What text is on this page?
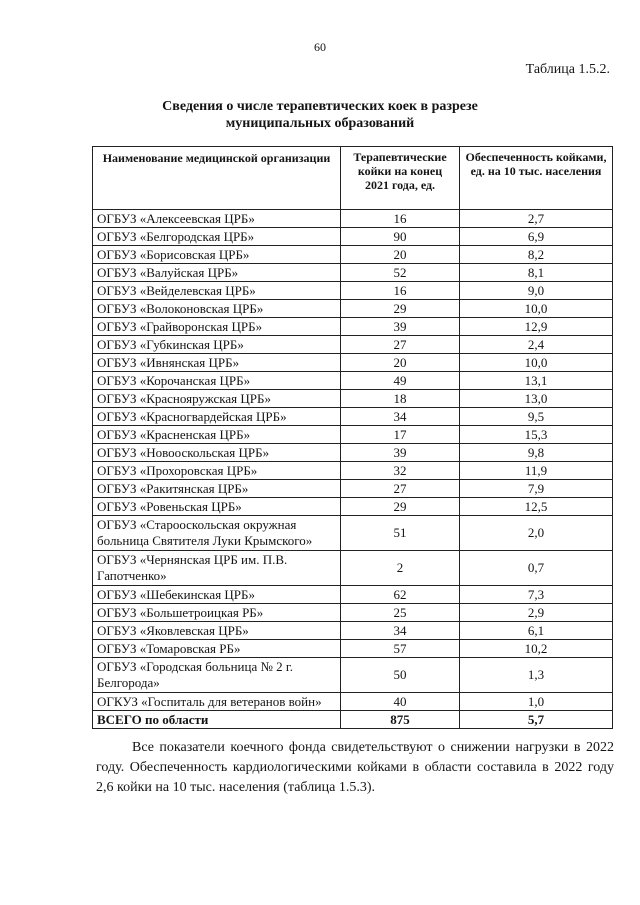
60
Таблица 1.5.2.
Сведения о числе терапевтических коек в разрезе муниципальных образований
Наименование медицинской организации	Терапевтические койки на конец 2021 года, ед.	Обеспеченность койками, ед. на 10 тыс. населения
ОГБУЗ «Алексеевская ЦРБ»	16	2,7
ОГБУЗ «Белгородская ЦРБ»	90	6,9
ОГБУЗ «Борисовская ЦРБ»	20	8,2
ОГБУЗ «Валуйская ЦРБ»	52	8,1
ОГБУЗ «Вейделевская ЦРБ»	16	9,0
ОГБУЗ «Волоконовская ЦРБ»	29	10,0
ОГБУЗ «Грайворонская ЦРБ»	39	12,9
ОГБУЗ «Губкинская ЦРБ»	27	2,4
ОГБУЗ «Ивнянская ЦРБ»	20	10,0
ОГБУЗ «Корочанская ЦРБ»	49	13,1
ОГБУЗ «Краснояружская ЦРБ»	18	13,0
ОГБУЗ «Красногвардейская ЦРБ»	34	9,5
ОГБУЗ «Красненская ЦРБ»	17	15,3
ОГБУЗ «Новооскольская ЦРБ»	39	9,8
ОГБУЗ «Прохоровская ЦРБ»	32	11,9
ОГБУЗ «Ракитянская ЦРБ»	27	7,9
ОГБУЗ «Ровеньская ЦРБ»	29	12,5
ОГБУЗ «Старооскольская окружная больница Святителя Луки Крымского»	51	2,0
ОГБУЗ «Чернянская ЦРБ им. П.В. Гапотченко»	2	0,7
ОГБУЗ «Шебекинская ЦРБ»	62	7,3
ОГБУЗ «Большетроицкая РБ»	25	2,9
ОГБУЗ «Яковлевская ЦРБ»	34	6,1
ОГБУЗ «Томаровская РБ»	57	10,2
ОГБУЗ «Городская больница № 2 г. Белгорода»	50	1,3
ОГКУЗ «Госпиталь для ветеранов войн»	40	1,0
ВСЕГО по области	875	5,7
Все показатели коечного фонда свидетельствуют о снижении нагрузки в 2022 году. Обеспеченность кардиологическими койками в области составила в 2022 году 2,6 койки на 10 тыс. населения (таблица 1.5.3).
